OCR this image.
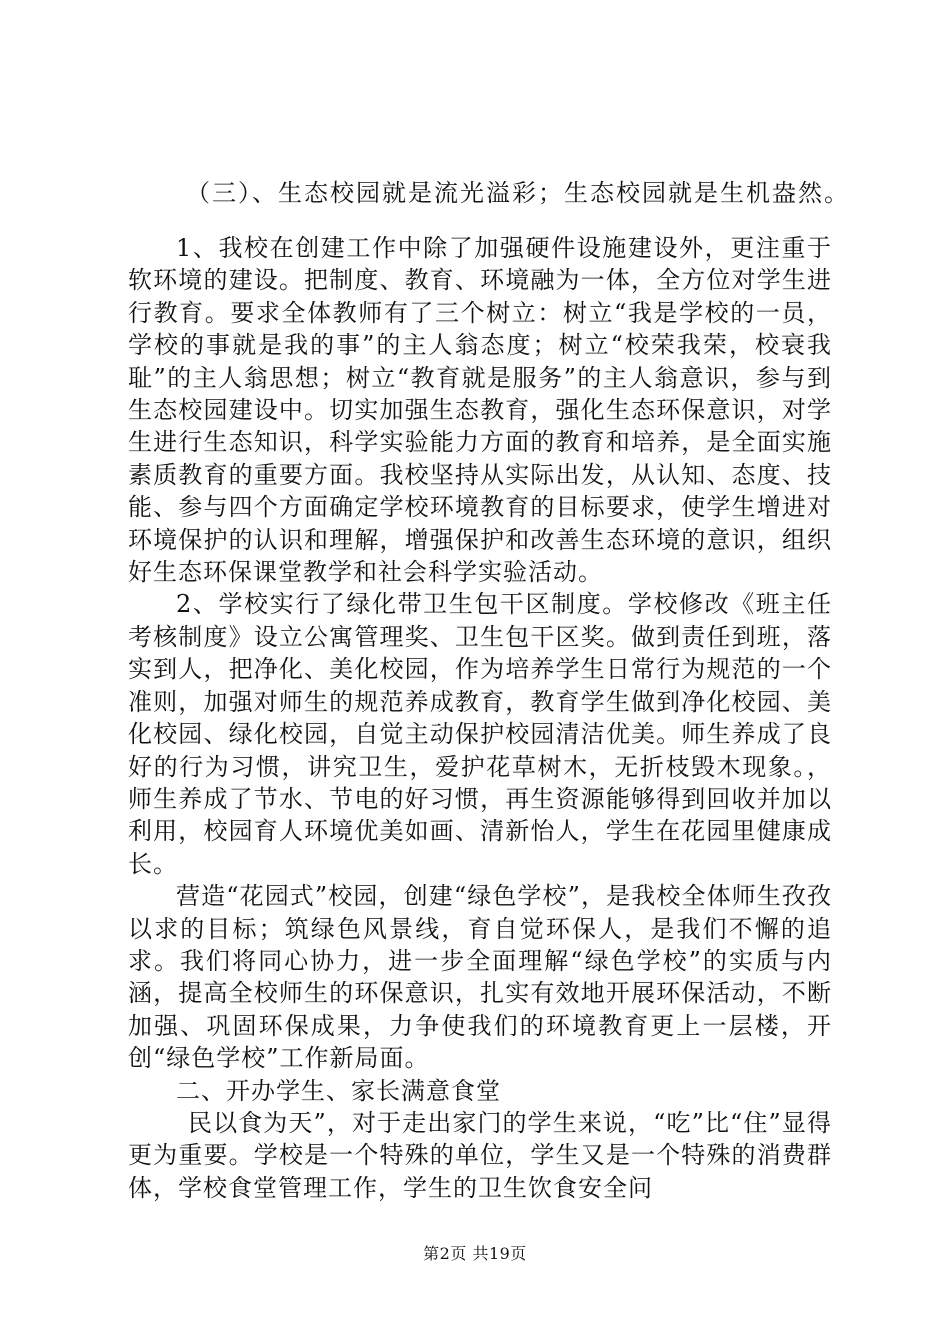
（三）、生态校园就是流光溢彩；生态校园就是生机盎然。

1、我校在创建工作中除了加强硬件设施建设外，更注重于软环境的建设。把制度、教育、环境融为一体，全方位对学生进行教育。要求全体教师有了三个树立：树立“我是学校的一员，学校的事就是我的事”的主人翁态度；树立“校荣我荣，校衰我耻”的主人翁思想；树立“教育就是服务”的主人翁意识，参与到生态校园建设中。切实加强生态教育，强化生态环保意识，对学生进行生态知识，科学实验能力方面的教育和培养，是全面实施素质教育的重要方面。我校坚持从实际出发，从认知、态度、技能、参与四个方面确定学校环境教育的目标要求，使学生增进对环境保护的认识和理解，增强保护和改善生态环境的意识，组织好生态环保课堂教学和社会科学实验活动。

2、学校实行了绿化带卫生包干区制度。学校修改《班主任考核制度》设立公寓管理奖、卫生包干区奖。做到责任到班，落实到人，把净化、美化校园，作为培养学生日常行为规范的一个准则，加强对师生的规范养成教育，教育学生做到净化校园、美化校园、绿化校园，自觉主动保护校园清洁优美。师生养成了良好的行为习惯，讲究卫生，爱护花草树木，无折枝毁木现象。，师生养成了节水、节电的好习惯，再生资源能够得到回收并加以利用，校园育人环境优美如画、清新怡人，学生在花园里健康成长。

营造“花园式”校园，创建“绿色学校”，是我校全体师生孜孜以求的目标；筑绿色风景线，育自觉环保人，是我们不懈的追求。我们将同心协力，进一步全面理解“绿色学校”的实质与内涵，提高全校师生的环保意识，扎实有效地开展环保活动，不断加强、巩固环保成果，力争使我们的环境教育更上一层楼，开创“绿色学校”工作新局面。

二、开办学生、家长满意食堂

民以食为天”，对于走出家门的学生来说，“吃”比“住”显得更为重要。学校是一个特殊的单位，学生又是一个特殊的消费群体，学校食堂管理工作，学生的卫生饮食安全问

第2页 共19页
